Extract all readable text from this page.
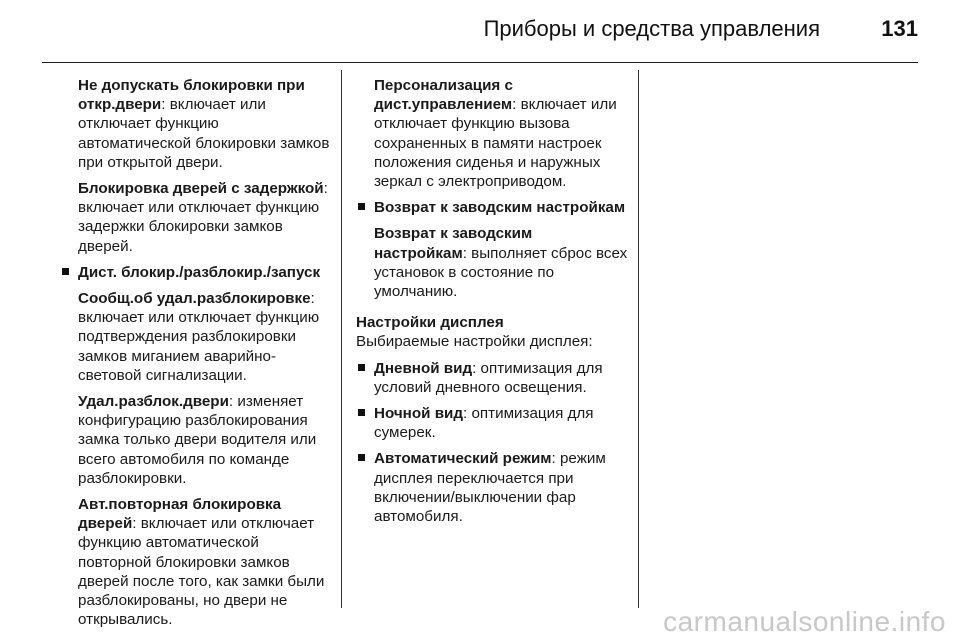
Приборы и средства управления	131

Не допускать блокировки при откр.двери: включает или отключает функцию автоматической блокировки замков при открытой двери.

Блокировка дверей с задержкой: включает или отключает функцию задержки блокировки замков дверей.

Дист. блокир./разблокир./запуск

Сообщ.об удал.разблокировке: включает или отключает функцию подтверждения разблокировки замков миганием аварийно-световой сигнализации.

Удал.разблок.двери: изменяет конфигурацию разблокирования замка только двери водителя или всего автомобиля по команде разблокировки.

Авт.повторная блокировка дверей: включает или отключает функцию автоматической повторной блокировки замков дверей после того, как замки были разблокированы, но двери не открывались.

Персонализация с дист.управлением: включает или отключает функцию вызова сохраненных в памяти настроек положения сиденья и наружных зеркал с электроприводом.

Возврат к заводским настройкам

Возврат к заводским настройкам: выполняет сброс всех установок в состояние по умолчанию.

Настройки дисплея

Выбираемые настройки дисплея:

Дневной вид: оптимизация для условий дневного освещения.

Ночной вид: оптимизация для сумерек.

Автоматический режим: режим дисплея переключается при включении/выключении фар автомобиля.

carmanualsonline.info
